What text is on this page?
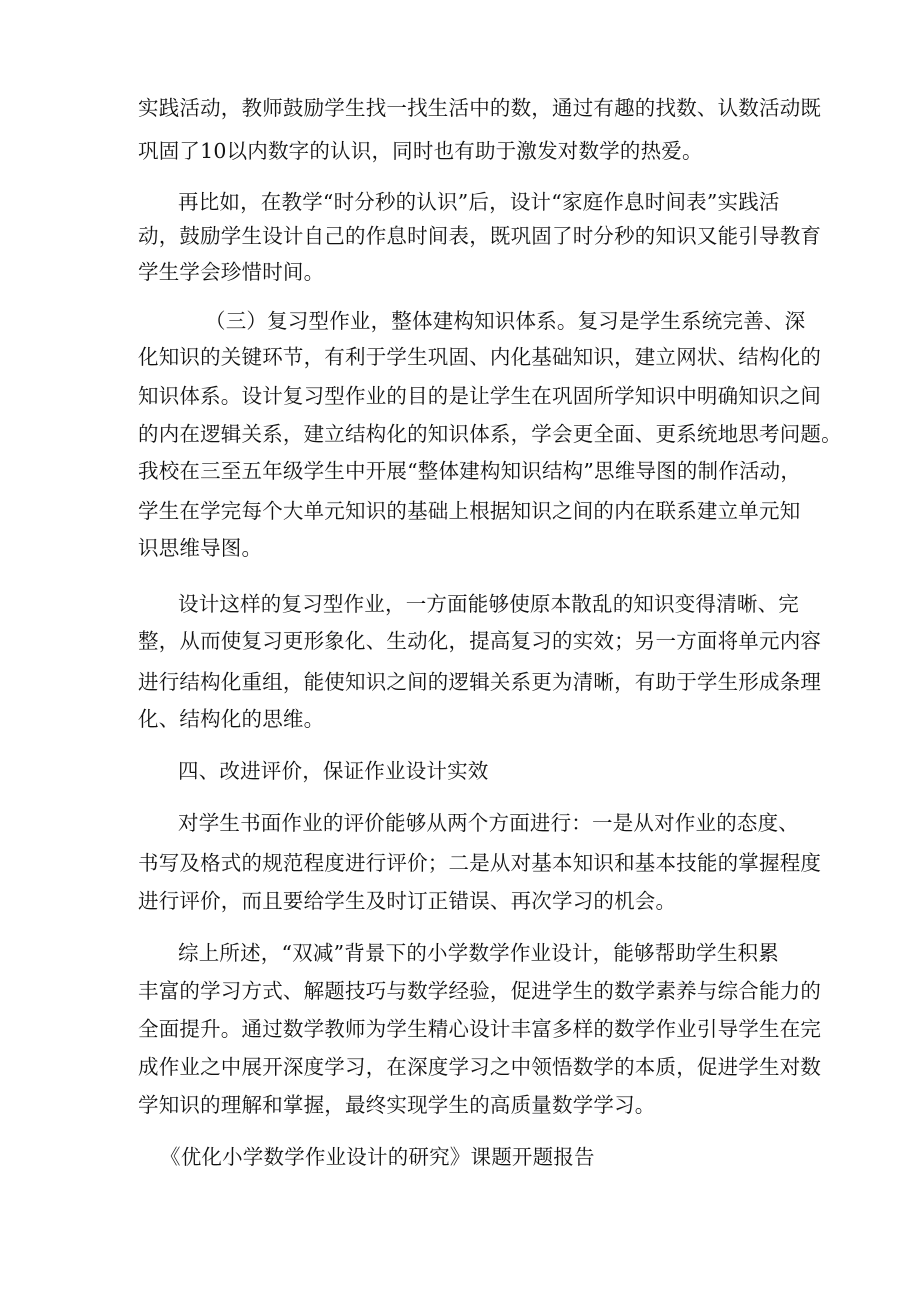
实践活动，教师鼓励学生找一找生活中的数，通过有趣的找数、认数活动既
巩固了10以内数字的认识，同时也有助于激发对数学的热爱。
再比如，在教学“时分秒的认识”后，设计“家庭作息时间表”实践活
动，鼓励学生设计自己的作息时间表，既巩固了时分秒的知识又能引导教育
学生学会珍惜时间。
（三）复习型作业，整体建构知识体系。复习是学生系统完善、深
化知识的关键环节，有利于学生巩固、内化基础知识，建立网状、结构化的
知识体系。设计复习型作业的目的是让学生在巩固所学知识中明确知识之间
的内在逻辑关系，建立结构化的知识体系，学会更全面、更系统地思考问题。
我校在三至五年级学生中开展“整体建构知识结构”思维导图的制作活动，
学生在学完每个大单元知识的基础上根据知识之间的内在联系建立单元知
识思维导图。
设计这样的复习型作业，一方面能够使原本散乱的知识变得清晰、完
整，从而使复习更形象化、生动化，提高复习的实效；另一方面将单元内容
进行结构化重组，能使知识之间的逻辑关系更为清晰，有助于学生形成条理
化、结构化的思维。
四、改进评价，保证作业设计实效
对学生书面作业的评价能够从两个方面进行：一是从对作业的态度、
书写及格式的规范程度进行评价；二是从对基本知识和基本技能的掌握程度
进行评价，而且要给学生及时订正错误、再次学习的机会。
综上所述，“双减”背景下的小学数学作业设计，能够帮助学生积累
丰富的学习方式、解题技巧与数学经验，促进学生的数学素养与综合能力的
全面提升。通过数学教师为学生精心设计丰富多样的数学作业引导学生在完
成作业之中展开深度学习，在深度学习之中领悟数学的本质，促进学生对数
学知识的理解和掌握，最终实现学生的高质量数学学习。
《优化小学数学作业设计的研究》课题开题报告
